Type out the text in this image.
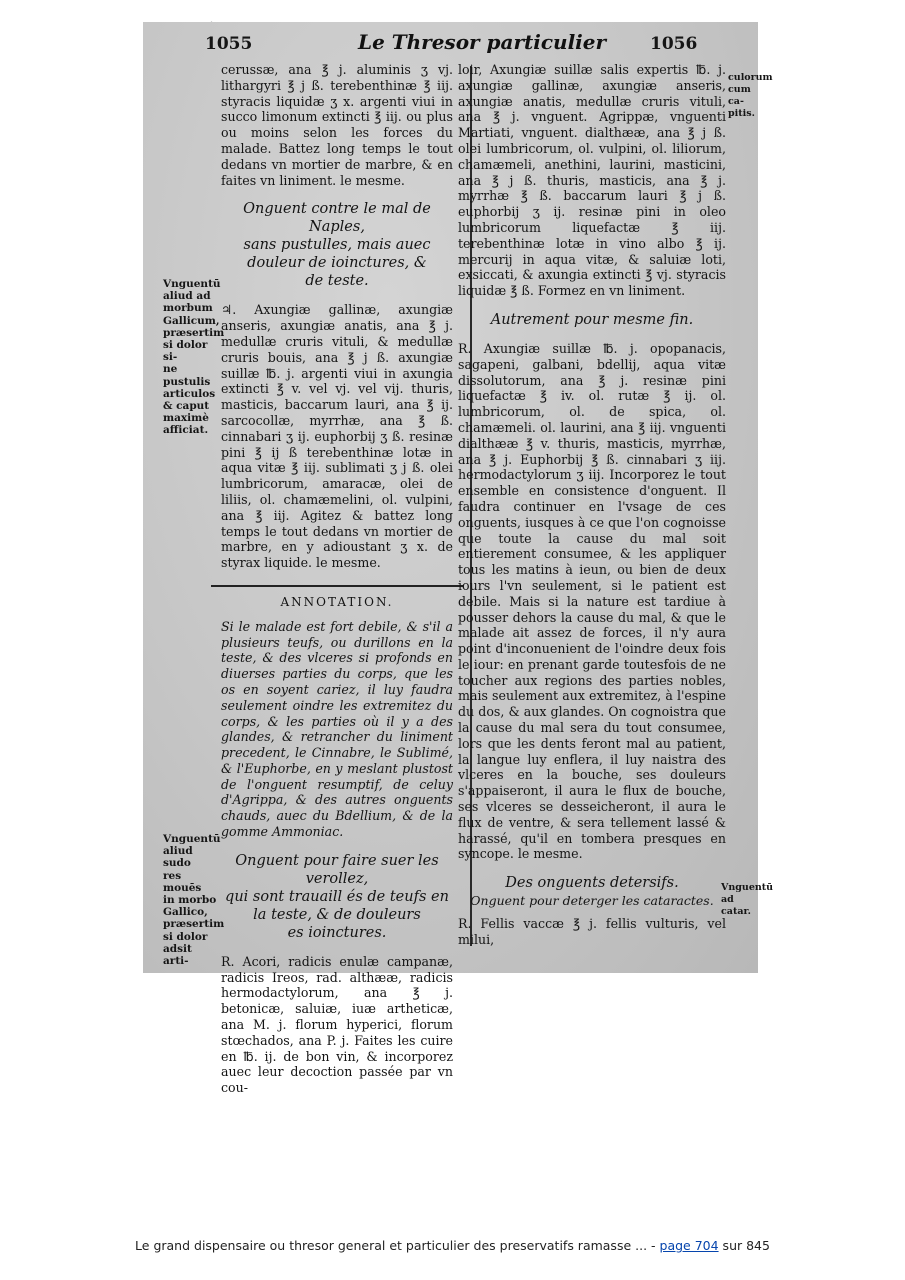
1055	Le Thresor particulier	1056
Vnguentū
aliud ad
morbum
Gallicum,
præsertim
si dolor si-
ne pustulis
articulos
& caput
maximè
afficiat.
Vnguentū
aliud sudo
res mouēs
in morbo
Gallico,
præsertim
si dolor
adsit arti-
culorum
cum
ca-
pitis.
Vnguentū
ad
catar.

cerussæ, ana ℥ j. aluminis ʒ vj. lithargyri ℥ j ß. terebenthinæ ℥ iij. styracis liquidæ ʒ x. argenti viui in succo limonum extincti ℥ iij. ou plus ou moins selon les forces du malade. Battez long temps le tout dedans vn mortier de marbre, & en faites vn liniment. le mesme.

Onguent contre le mal de Naples,

sans pustulles, mais auec douleur de ioinctures, &

de teste.

♃. Axungiæ gallinæ, axungiæ anseris, axungiæ anatis, ana ℥ j. medullæ cruris vituli, & medullæ cruris bouis, ana ℥ j ß. axungiæ suillæ ℔. j. argenti viui in axungia extincti ℥ v. vel vj. vel vij. thuris, masticis, baccarum lauri, ana ℥ ij. sarcocollæ, myrrhæ, ana ℥ ß. cinnabari ʒ ij. euphorbij ʒ ß. resinæ pini ℥ ij ß terebenthinæ lotæ in aqua vitæ ℥ iij. sublimati ʒ j ß. olei lumbricorum, amaracæ, olei de liliis, ol. chamæmelini, ol. vulpini, ana ℥ iij. Agitez & battez long temps le tout dedans vn mortier de marbre, en y adioustant ʒ x. de styrax liquide. le mesme.

ANNOTATION.

Si le malade est fort debile, & s'il a plusieurs teufs, ou durillons en la teste, & des vlceres si profonds en diuerses parties du corps, que les os en soyent cariez, il luy faudra seulement oindre les extremitez du corps, & les parties où il y a des glandes, & retrancher du liniment precedent, le Cinnabre, le Sublimé, & l'Euphorbe, en y meslant plustost de l'onguent resumptif, de celuy d'Agrippa, & des autres onguents chauds, auec du Bdellium, & de la gomme Ammoniac.

Onguent pour faire suer les verollez,

qui sont trauaill és de teufs en

la teste, & de douleurs

es ioinctures.

R. Acori, radicis enulæ campanæ, radicis Ireos, rad. althææ, radicis hermodactylorum, ana ℥ j. betonicæ, saluiæ, iuæ artheticæ, ana M. j. florum hyperici, florum stœchados, ana P. j. Faites les cuire en ℔. ij. de bon vin, & incorporez auec leur decoction passée par vn cou-

loir, Axungiæ suillæ salis expertis ℔. j. axungiæ gallinæ, axungiæ anseris, axungiæ anatis, medullæ cruris vituli, ana ℥ j. vnguent. Agrippæ, vnguenti Martiati, vnguent. dialthææ, ana ℥ j ß. olei lumbricorum, ol. vulpini, ol. liliorum, chamæmeli, anethini, laurini, masticini, ana ℥ j ß. thuris, masticis, ana ℥ j. myrrhæ ℥ ß. baccarum lauri ℥ j ß. euphorbij ʒ ij. resinæ pini in oleo lumbricorum liquefactæ ℥ iij. terebenthinæ lotæ in vino albo ℥ ij. mercurij in aqua vitæ, & saluiæ loti, exsiccati, & axungia extincti ℥ vj. styracis liquidæ ℥ ß. Formez en vn liniment.

Autrement pour mesme fin.

R. Axungiæ suillæ ℔. j. opopanacis, sagapeni, galbani, bdellij, aqua vitæ dissolutorum, ana ℥ j. resinæ pini liquefactæ ℥ iv. ol. rutæ ℥ ij. ol. lumbricorum, ol. de spica, ol. chamæmeli. ol. laurini, ana ℥ iij. vnguenti dialthææ ℥ v. thuris, masticis, myrrhæ, ana ℥ j. Euphorbij ℥ ß. cinnabari ʒ iij. hermodactylorum ʒ iij. Incorporez le tout ensemble en consistence d'onguent. Il faudra continuer en l'vsage de ces onguents, iusques à ce que l'on cognoisse que toute la cause du mal soit entierement consumee, & les appliquer tous les matins à ieun, ou bien de deux iours l'vn seulement, si le patient est debile. Mais si la nature est tardiue à pousser dehors la cause du mal, & que le malade ait assez de forces, il n'y aura point d'inconuenient de l'oindre deux fois le iour: en prenant garde toutesfois de ne toucher aux regions des parties nobles, mais seulement aux extremitez, à l'espine du dos, & aux glandes. On cognoistra que la cause du mal sera du tout consumee, lors que les dents feront mal au patient, la langue luy enflera, il luy naistra des vlceres en la bouche, ses douleurs s'appaiseront, il aura le flux de bouche, ses vlceres se desseicheront, il aura le flux de ventre, & sera tellement lassé & harassé, qu'il en tombera presques en syncope. le mesme.

Des onguents detersifs.

Onguent pour deterger les cataractes.

R. Fellis vaccæ ℥ j. fellis vulturis, vel milui,

Le grand dispensaire ou thresor general et particulier des preservatifs ramasse ... - page 704 sur 845
